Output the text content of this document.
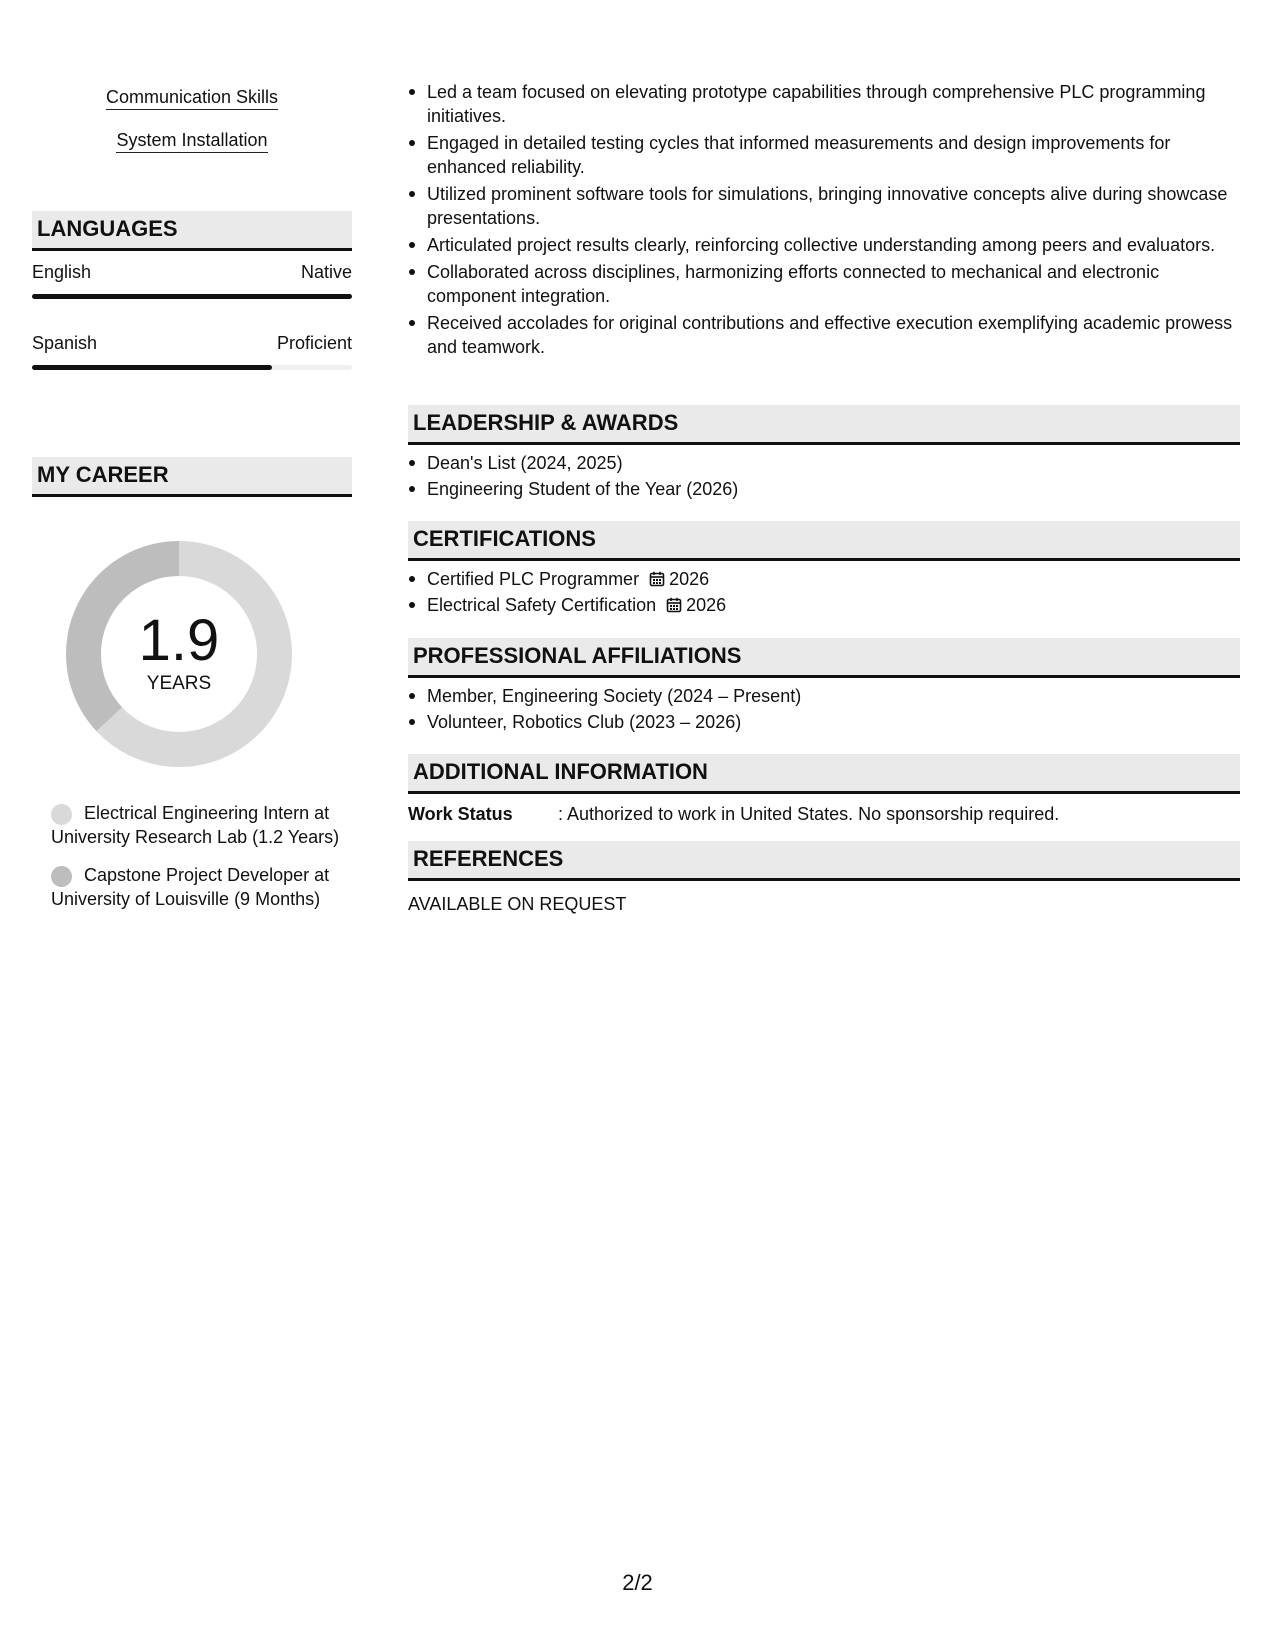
Communication Skills
System Installation
LANGUAGES
English	Native
Spanish	Proficient
MY CAREER
1.9
YEARS
Electrical Engineering Intern at University Research Lab (1.2 Years)
Capstone Project Developer at University of Louisville (9 Months)
Led a team focused on elevating prototype capabilities through comprehensive PLC programming initiatives.
Engaged in detailed testing cycles that informed measurements and design improvements for enhanced reliability.
Utilized prominent software tools for simulations, bringing innovative concepts alive during showcase presentations.
Articulated project results clearly, reinforcing collective understanding among peers and evaluators.
Collaborated across disciplines, harmonizing efforts connected to mechanical and electronic component integration.
Received accolades for original contributions and effective execution exemplifying academic prowess and teamwork.
LEADERSHIP & AWARDS
Dean's List (2024, 2025)
Engineering Student of the Year (2026)
CERTIFICATIONS
Certified PLC Programmer 2026
Electrical Safety Certification 2026
PROFESSIONAL AFFILIATIONS
Member, Engineering Society (2024 – Present)
Volunteer, Robotics Club (2023 – 2026)
ADDITIONAL INFORMATION
Work Status	: Authorized to work in United States. No sponsorship required.
REFERENCES
AVAILABLE ON REQUEST
2/2
